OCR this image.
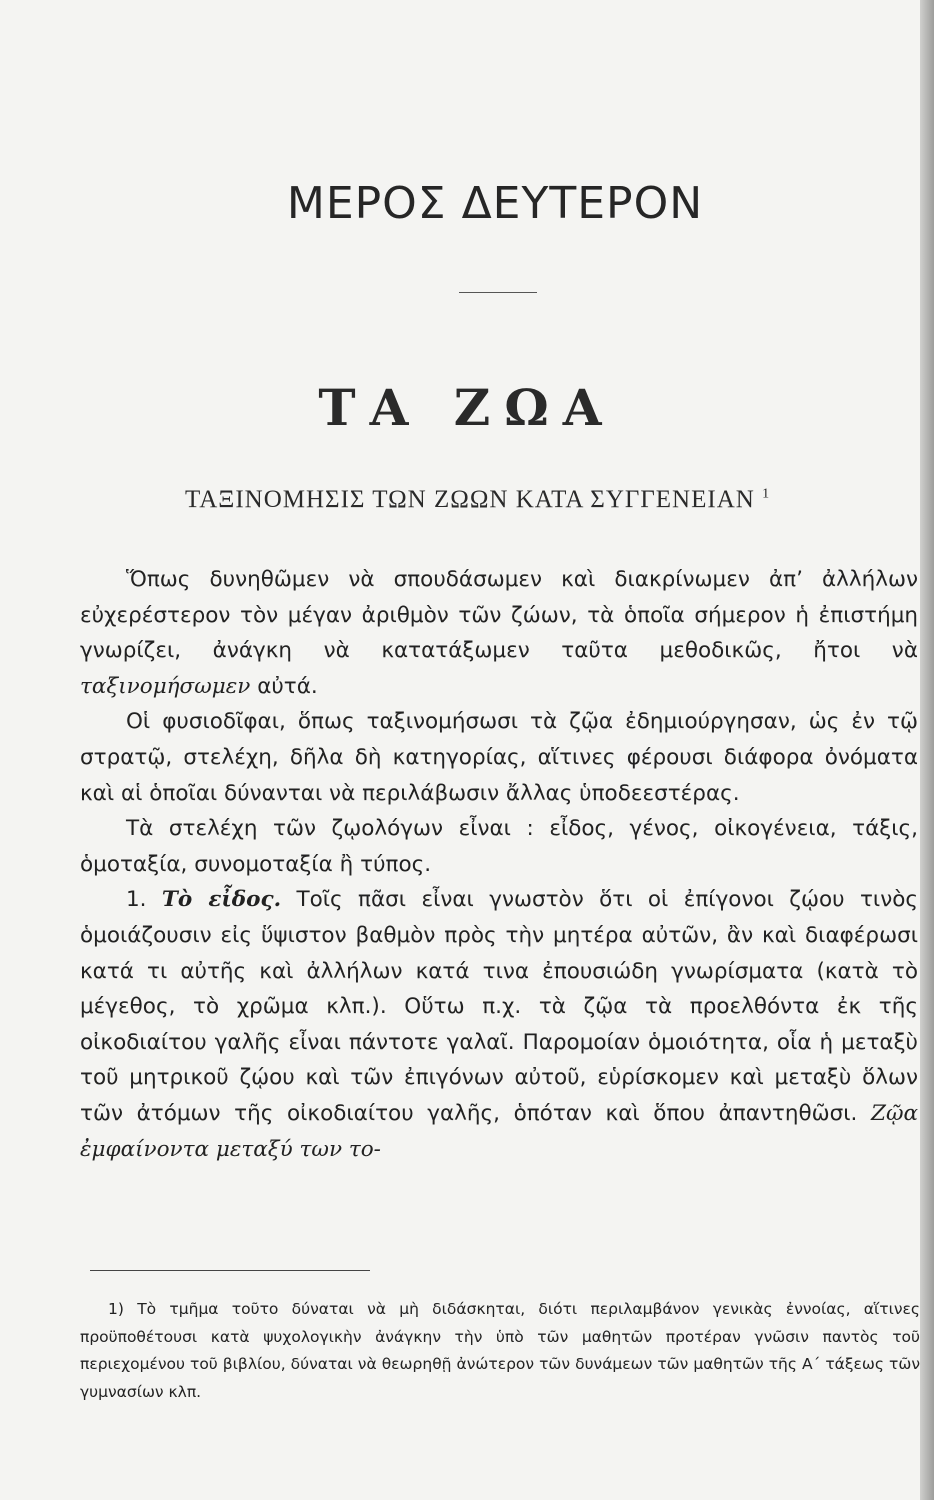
ΜΕΡΟΣ ΔΕΥΤΕΡΟΝ
ΤΑ ΖΩΑ
ΤΑΞΙΝΟΜΗΣΙΣ ΤΩΝ ΖΩΩΝ ΚΑΤΑ ΣΥΓΓΕΝΕΙΑΝ $^1$

Ὅπως δυνηθῶμεν νὰ σπουδάσωμεν καὶ διακρίνωμεν ἀπ’ ἀλλήλων εὐχερέστερον τὸν μέγαν ἀριθμὸν τῶν ζώων, τὰ ὁποῖα σήμερον ἡ ἐπιστήμη γνωρίζει, ἀνάγκη νὰ κατατάξωμεν ταῦτα μεθοδικῶς, ἤτοι νὰ ταξινομήσωμεν αὐτά.

Οἱ φυσιοδῖφαι, ὅπως ταξινομήσωσι τὰ ζῷα ἐδημιούργησαν, ὡς ἐν τῷ στρατῷ, στελέχη, δῆλα δὴ κατηγορίας, αἵτινες φέρουσι διάφορα ὀνόματα καὶ αἱ ὁποῖαι δύνανται νὰ περιλάβωσιν ἄλλας ὑποδεεστέρας.

Τὰ στελέχη τῶν ζῳολόγων εἶναι : εἶδος, γένος, οἰκογένεια, τάξις, ὁμοταξία, συνομοταξία ἢ τύπος.

1. Τὸ εἶδος. Τοῖς πᾶσι εἶναι γνωστὸν ὅτι οἱ ἐπίγονοι ζῴου τινὸς ὁμοιάζουσιν εἰς ὕψιστον βαθμὸν πρὸς τὴν μητέρα αὐτῶν, ἂν καὶ διαφέρωσι κατά τι αὐτῆς καὶ ἀλλήλων κατά τινα ἐπουσιώδη γνωρίσματα (κατὰ τὸ μέγεθος, τὸ χρῶμα κλπ.). Οὕτω π.χ. τὰ ζῷα τὰ προελθόντα ἐκ τῆς οἰκοδιαίτου γαλῆς εἶναι πάντοτε γαλαῖ. Παρομοίαν ὁμοιότητα, οἷα ἡ μεταξὺ τοῦ μητρικοῦ ζῴου καὶ τῶν ἐπιγόνων αὐτοῦ, εὑρίσκομεν καὶ μεταξὺ ὅλων τῶν ἀτόμων τῆς οἰκοδιαίτου γαλῆς, ὁπόταν καὶ ὅπου ἀπαντηθῶσι. Ζῷα ἐμφαίνοντα μεταξύ των το-

1) Τὸ τμῆμα τοῦτο δύναται νὰ μὴ διδάσκηται, διότι περιλαμβάνον γενικὰς ἐννοίας, αἵτινες προϋποθέτουσι κατὰ ψυχολογικὴν ἀνάγκην τὴν ὑπὸ τῶν μαθητῶν προτέραν γνῶσιν παντὸς τοῦ περιεχομένου τοῦ βιβλίου, δύναται νὰ θεωρηθῇ ἀνώτερον τῶν δυνάμεων τῶν μαθητῶν τῆς Α΄ τάξεως τῶν γυμνασίων κλπ.
